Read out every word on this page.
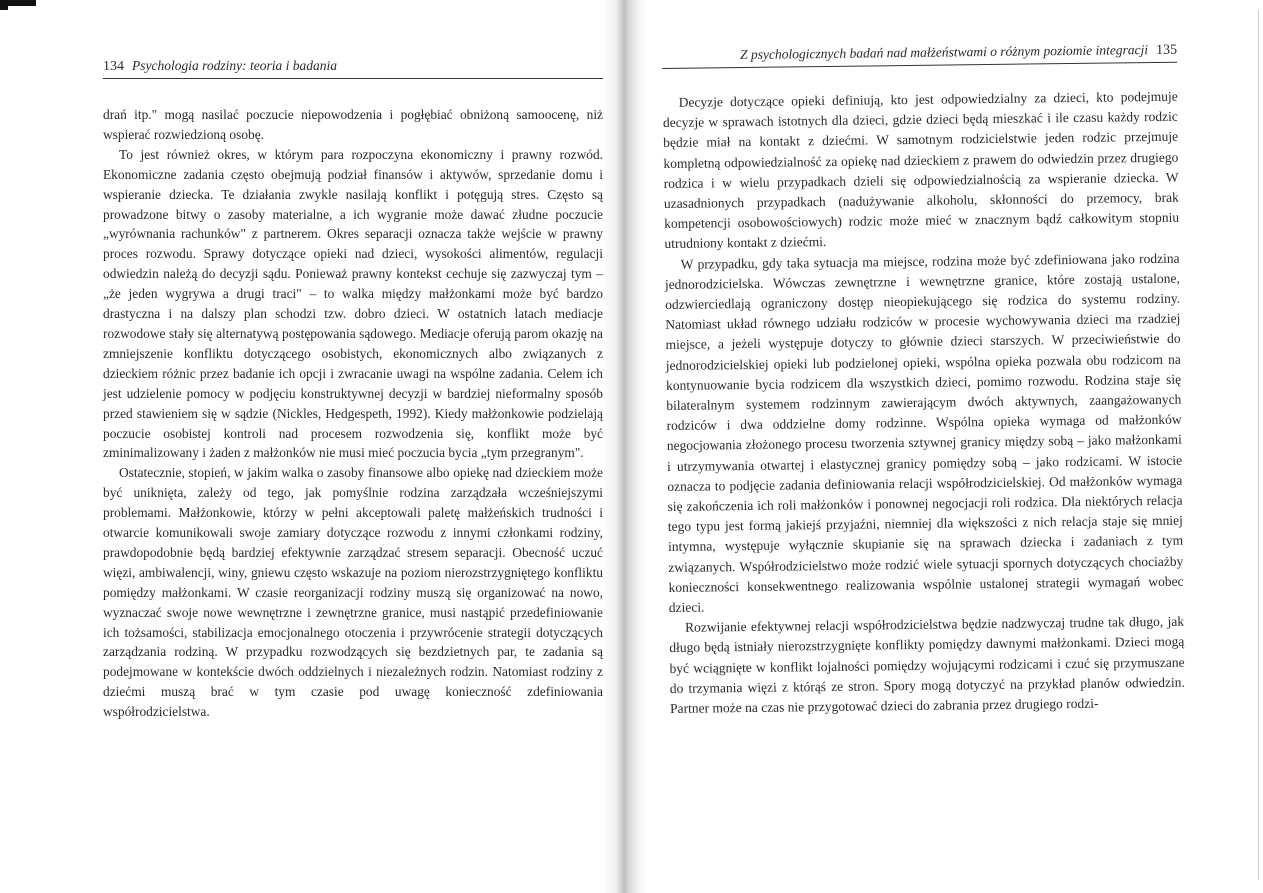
134 Psychologia rodziny: teoria i badania

drań itp." mogą nasilać poczucie niepowodzenia i pogłębiać obniżoną samoocenę, niż wspierać rozwiedzioną osobę.

To jest również okres, w którym para rozpoczyna ekonomiczny i prawny rozwód. Ekonomiczne zadania często obejmują podział finansów i aktywów, sprzedanie domu i wspieranie dziecka. Te działania zwykle nasilają konflikt i potęgują stres. Często są prowadzone bitwy o zasoby materialne, a ich wygranie może dawać złudne poczucie „wyrównania rachunków" z partnerem. Okres separacji oznacza także wejście w prawny proces rozwodu. Sprawy dotyczące opieki nad dzieci, wysokości alimentów, regulacji odwiedzin należą do decyzji sądu. Ponieważ prawny kontekst cechuje się zazwyczaj tym – „że jeden wygrywa a drugi traci" – to walka między małżonkami może być bardzo drastyczna i na dalszy plan schodzi tzw. dobro dzieci. W ostatnich latach mediacje rozwodowe stały się alternatywą postępowania sądowego. Mediacje oferują parom okazję na zmniejszenie konfliktu dotyczącego osobistych, ekonomicznych albo związanych z dzieckiem różnic przez badanie ich opcji i zwracanie uwagi na wspólne zadania. Celem ich jest udzielenie pomocy w podjęciu konstruktywnej decyzji w bardziej nieformalny sposób przed stawieniem się w sądzie (Nickles, Hedgespeth, 1992). Kiedy małżonkowie podzielają poczucie osobistej kontroli nad procesem rozwodzenia się, konflikt może być zminimalizowany i żaden z małżonków nie musi mieć poczucia bycia „tym przegranym".

Ostatecznie, stopień, w jakim walka o zasoby finansowe albo opiekę nad dzieckiem może być uniknięta, zależy od tego, jak pomyślnie rodzina zarządzała wcześniejszymi problemami. Małżonkowie, którzy w pełni akceptowali paletę małżeńskich trudności i otwarcie komunikowali swoje zamiary dotyczące rozwodu z innymi członkami rodziny, prawdopodobnie będą bardziej efektywnie zarządzać stresem separacji. Obecność uczuć więzi, ambiwalencji, winy, gniewu często wskazuje na poziom nierozstrzygniętego konfliktu pomiędzy małżonkami. W czasie reorganizacji rodziny muszą się organizować na nowo, wyznaczać swoje nowe wewnętrzne i zewnętrzne granice, musi nastąpić przedefiniowanie ich tożsamości, stabilizacja emocjonalnego otoczenia i przywrócenie strategii dotyczących zarządzania rodziną. W przypadku rozwodzących się bezdzietnych par, te zadania są podejmowane w kontekście dwóch oddzielnych i niezależnych rodzin. Natomiast rodziny z dziećmi muszą brać w tym czasie pod uwagę konieczność zdefiniowania współrodzicielstwa.

Z psychologicznych badań nad małżeństwami o różnym poziomie integracji 135

Decyzje dotyczące opieki definiują, kto jest odpowiedzialny za dzieci, kto podejmuje decyzje w sprawach istotnych dla dzieci, gdzie dzieci będą mieszkać i ile czasu każdy rodzic będzie miał na kontakt z dziećmi. W samotnym rodzicielstwie jeden rodzic przejmuje kompletną odpowiedzialność za opiekę nad dzieckiem z prawem do odwiedzin przez drugiego rodzica i w wielu przypadkach dzieli się odpowiedzialnością za wspieranie dziecka. W uzasadnionych przypadkach (nadużywanie alkoholu, skłonności do przemocy, brak kompetencji osobowościowych) rodzic może mieć w znacznym bądź całkowitym stopniu utrudniony kontakt z dziećmi.

W przypadku, gdy taka sytuacja ma miejsce, rodzina może być zdefiniowana jako rodzina jednorodzicielska. Wówczas zewnętrzne i wewnętrzne granice, które zostają ustalone, odzwierciedlają ograniczony dostęp nieopiekującego się rodzica do systemu rodziny. Natomiast układ równego udziału rodziców w procesie wychowywania dzieci ma rzadziej miejsce, a jeżeli występuje dotyczy to głównie dzieci starszych. W przeciwieństwie do jednorodzicielskiej opieki lub podzielonej opieki, wspólna opieka pozwala obu rodzicom na kontynuowanie bycia rodzicem dla wszystkich dzieci, pomimo rozwodu. Rodzina staje się bilateralnym systemem rodzinnym zawierającym dwóch aktywnych, zaangażowanych rodziców i dwa oddzielne domy rodzinne. Wspólna opieka wymaga od małżonków negocjowania złożonego procesu tworzenia sztywnej granicy między sobą – jako małżonkami i utrzymywania otwartej i elastycznej granicy pomiędzy sobą – jako rodzicami. W istocie oznacza to podjęcie zadania definiowania relacji współrodzicielskiej. Od małżonków wymaga się zakończenia ich roli małżonków i ponownej negocjacji roli rodzica. Dla niektórych relacja tego typu jest formą jakiejś przyjaźni, niemniej dla większości z nich relacja staje się mniej intymna, występuje wyłącznie skupianie się na sprawach dziecka i zadaniach z tym związanych. Współrodzicielstwo może rodzić wiele sytuacji spornych dotyczących chociażby konieczności konsekwentnego realizowania wspólnie ustalonej strategii wymagań wobec dzieci.

Rozwijanie efektywnej relacji współrodzicielstwa będzie nadzwyczaj trudne tak długo, jak długo będą istniały nierozstrzygnięte konflikty pomiędzy dawnymi małżonkami. Dzieci mogą być wciągnięte w konflikt lojalności pomiędzy wojującymi rodzicami i czuć się przymuszane do trzymania więzi z którąś ze stron. Spory mogą dotyczyć na przykład planów odwiedzin. Partner może na czas nie przygotować dzieci do zabrania przez drugiego rodzi-
